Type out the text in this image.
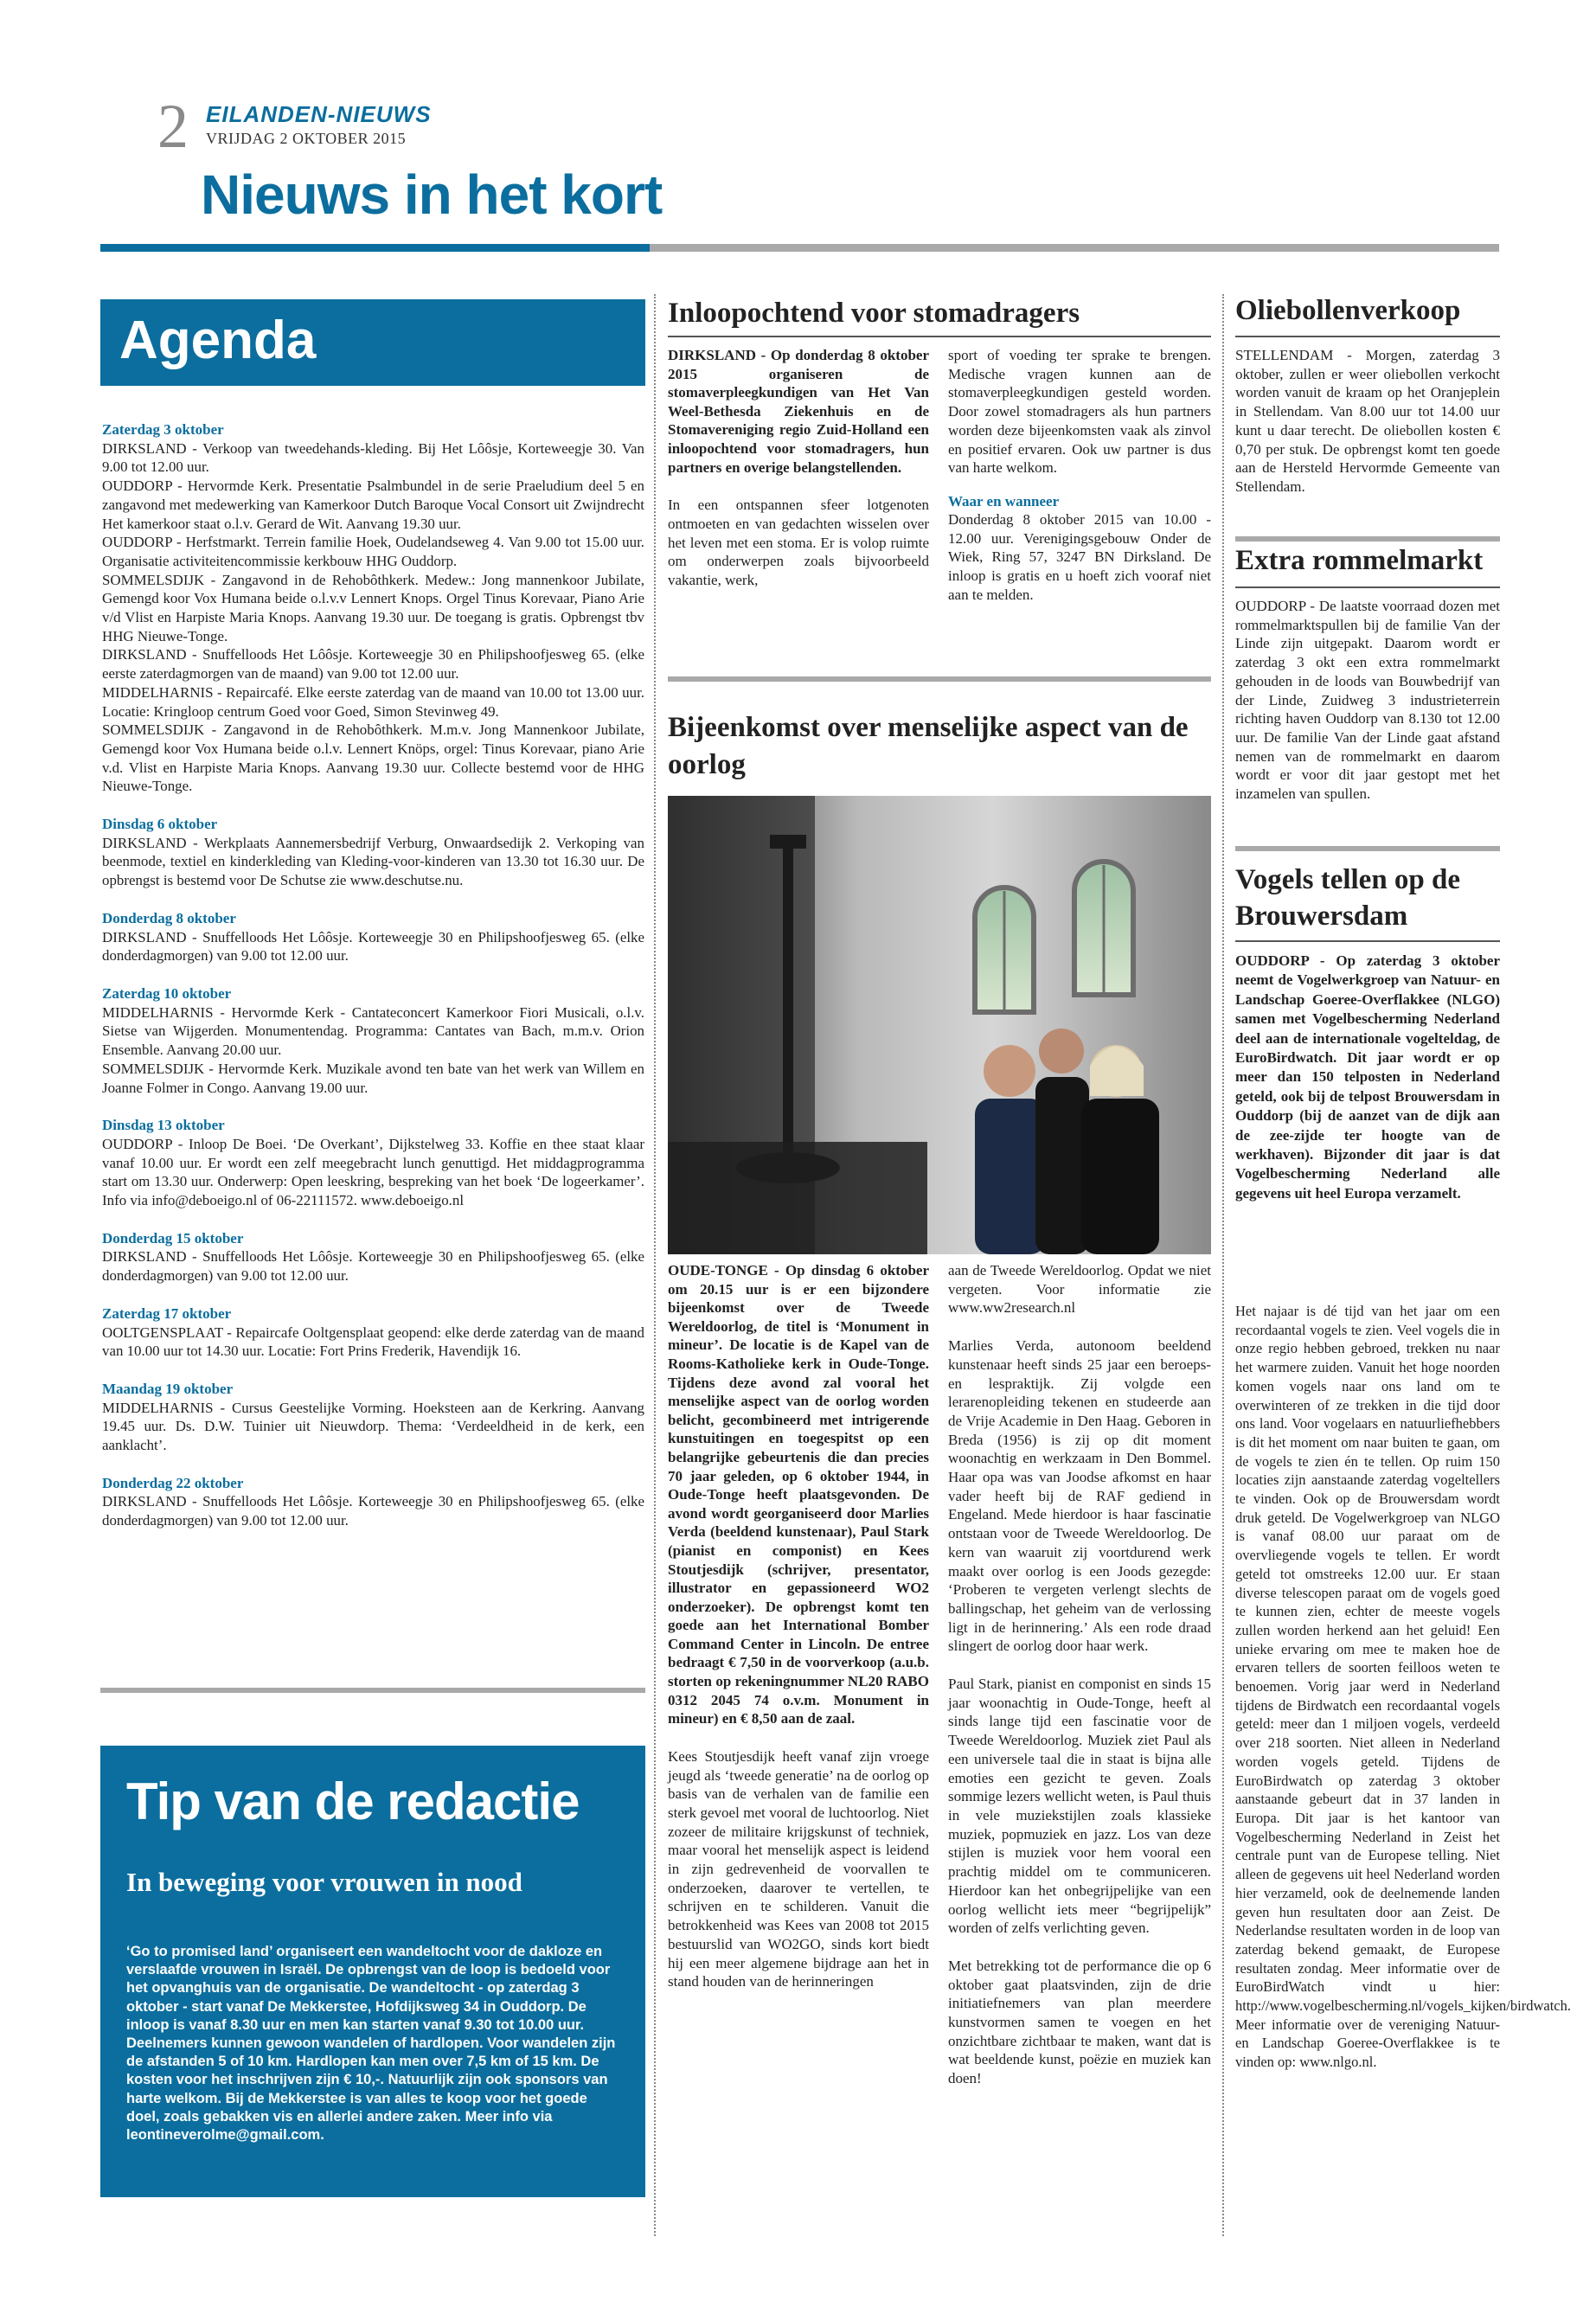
2 EILANDEN-NIEUWS
VRIJDAG 2 OKTOBER 2015
Nieuws in het kort
Agenda
Zaterdag 3 oktober

DIRKSLAND - Verkoop van tweedehands-kleding. Bij Het Lôôsje, Korteweegje 30. Van 9.00 tot 12.00 uur.

OUDDORP - Hervormde Kerk. Presentatie Psalmbundel in de serie Praeludium deel 5 en zangavond met medewerking van Kamerkoor Dutch Baroque Vocal Consort uit Zwijndrecht Het kamerkoor staat o.l.v. Gerard de Wit. Aanvang 19.30 uur.

OUDDORP - Herfstmarkt. Terrein familie Hoek, Oudelandseweg 4. Van 9.00 tot 15.00 uur. Organisatie activiteitencommissie kerkbouw HHG Ouddorp.

SOMMELSDIJK - Zangavond in de Rehobôthkerk. Medew.: Jong mannenkoor Jubilate, Gemengd koor Vox Humana beide o.l.v.v Lennert Knops. Orgel Tinus Korevaar, Piano Arie v/d Vlist en Harpiste Maria Knops. Aanvang 19.30 uur. De toegang is gratis. Opbrengst tbv HHG Nieuwe-Tonge.

DIRKSLAND - Snuffelloods Het Lôôsje. Korteweegje 30 en Philipshoofjesweg 65. (elke eerste zaterdagmorgen van de maand) van 9.00 tot 12.00 uur.

MIDDELHARNIS - Repaircafé. Elke eerste zaterdag van de maand van 10.00 tot 13.00 uur. Locatie: Kringloop centrum Goed voor Goed, Simon Stevinweg 49.

SOMMELSDIJK - Zangavond in de Rehobôthkerk. M.m.v. Jong Mannenkoor Jubilate, Gemengd koor Vox Humana beide o.l.v. Lennert Knöps, orgel: Tinus Korevaar, piano Arie v.d. Vlist en Harpiste Maria Knops. Aanvang 19.30 uur. Collecte bestemd voor de HHG Nieuwe-Tonge.

Dinsdag 6 oktober

DIRKSLAND - Werkplaats Aannemersbedrijf Verburg, Onwaardsedijk 2. Verkoping van beenmode, textiel en kinderkleding van Kleding-voor-kinderen van 13.30 tot 16.30 uur. De opbrengst is bestemd voor De Schutse zie www.deschutse.nu.

Donderdag 8 oktober

DIRKSLAND - Snuffelloods Het Lôôsje. Korteweegje 30 en Philipshoofjesweg 65. (elke donderdagmorgen) van 9.00 tot 12.00 uur.

Zaterdag 10 oktober

MIDDELHARNIS - Hervormde Kerk - Cantateconcert Kamerkoor Fiori Musicali, o.l.v. Sietse van Wijgerden. Monumentendag. Programma: Cantates van Bach, m.m.v. Orion Ensemble. Aanvang 20.00 uur.

SOMMELSDIJK - Hervormde Kerk. Muzikale avond ten bate van het werk van Willem en Joanne Folmer in Congo. Aanvang 19.00 uur.

Dinsdag 13 oktober

OUDDORP - Inloop De Boei. ‘De Overkant’, Dijkstelweg 33. Koffie en thee staat klaar vanaf 10.00 uur. Er wordt een zelf meegebracht lunch genuttigd. Het middagprogramma start om 13.30 uur. Onderwerp: Open leeskring, bespreking van het boek ‘De logeerkamer’. Info via info@deboeigo.nl of 06-22111572. www.deboeigo.nl

Donderdag 15 oktober

DIRKSLAND - Snuffelloods Het Lôôsje. Korteweegje 30 en Philipshoofjesweg 65. (elke donderdagmorgen) van 9.00 tot 12.00 uur.

Zaterdag 17 oktober

OOLTGENSPLAAT - Repaircafe Ooltgensplaat geopend: elke derde zaterdag van de maand van 10.00 uur tot 14.30 uur. Locatie: Fort Prins Frederik, Havendijk 16.

Maandag 19 oktober

MIDDELHARNIS - Cursus Geestelijke Vorming. Hoeksteen aan de Kerkring. Aanvang 19.45 uur. Ds. D.W. Tuinier uit Nieuwdorp. Thema: ‘Verdeeldheid in de kerk, een aanklacht’.

Donderdag 22 oktober

DIRKSLAND - Snuffelloods Het Lôôsje. Korteweegje 30 en Philipshoofjesweg 65. (elke donderdagmorgen) van 9.00 tot 12.00 uur.

Tip van de redactie
In beweging voor vrouwen in nood

‘Go to promised land’ organiseert een wandeltocht voor de dakloze en verslaafde vrouwen in Israël. De opbrengst van de loop is bedoeld voor het opvanghuis van de organisatie. De wandeltocht - op zaterdag 3 oktober - start vanaf De Mekkerstee, Hofdijksweg 34 in Ouddorp. De inloop is vanaf 8.30 uur en men kan starten vanaf 9.30 tot 10.00 uur. Deelnemers kunnen gewoon wandelen of hardlopen. Voor wandelen zijn de afstanden 5 of 10 km. Hardlopen kan men over 7,5 km of 15 km. De kosten voor het inschrijven zijn € 10,-. Natuurlijk zijn ook sponsors van harte welkom. Bij de Mekkerstee is van alles te koop voor het goede doel, zoals gebakken vis en allerlei andere zaken. Meer info via leontineverolme@gmail.com.

Inloopochtend voor stomadragers

DIRKSLAND - Op donderdag 8 oktober 2015 organiseren de stomaverpleegkundigen van Het Van Weel-Bethesda Ziekenhuis en de Stomavereniging regio Zuid-Holland een inloopochtend voor stomadragers, hun partners en overige belangstellenden.

In een ontspannen sfeer lotgenoten ontmoeten en van gedachten wisselen over het leven met een stoma. Er is volop ruimte om onderwerpen zoals bijvoorbeeld vakantie, werk,

sport of voeding ter sprake te brengen. Medische vragen kunnen aan de stomaverpleegkundigen gesteld worden. Door zowel stomadragers als hun partners worden deze bijeenkomsten vaak als zinvol en positief ervaren. Ook uw partner is dus van harte welkom.

Waar en wanneer

Donderdag 8 oktober 2015 van 10.00 - 12.00 uur. Verenigingsgebouw Onder de Wiek, Ring 57, 3247 BN Dirksland. De inloop is gratis en u hoeft zich vooraf niet aan te melden.

Bijeenkomst over menselijke aspect van de oorlog

OUDE-TONGE - Op dinsdag 6 oktober om 20.15 uur is er een bijzondere bijeenkomst over de Tweede Wereldoorlog, de titel is ‘Monument in mineur’. De locatie is de Kapel van de Rooms-Katholieke kerk in Oude-Tonge. Tijdens deze avond zal vooral het menselijke aspect van de oorlog worden belicht, gecombineerd met intrigerende kunstuitingen en toegespitst op een belangrijke gebeurtenis die dan precies 70 jaar geleden, op 6 oktober 1944, in Oude-Tonge heeft plaatsgevonden. De avond wordt georganiseerd door Marlies Verda (beeldend kunstenaar), Paul Stark (pianist en componist) en Kees Stoutjesdijk (schrijver, presentator, illustrator en gepassioneerd WO2 onderzoeker). De opbrengst komt ten goede aan het International Bomber Command Center in Lincoln. De entree bedraagt € 7,50 in de voorverkoop (a.u.b. storten op rekeningnummer NL20 RABO 0312 2045 74 o.v.m. Monument in mineur) en € 8,50 aan de zaal.

Kees Stoutjesdijk heeft vanaf zijn vroege jeugd als ‘tweede generatie’ na de oorlog op basis van de verhalen van de familie een sterk gevoel met vooral de luchtoorlog. Niet zozeer de militaire krijgskunst of techniek, maar vooral het menselijk aspect is leidend in zijn gedrevenheid de voorvallen te onderzoeken, daarover te vertellen, te schrijven en te schilderen. Vanuit die betrokkenheid was Kees van 2008 tot 2015 bestuurslid van WO2GO, sinds kort biedt hij een meer algemene bijdrage aan het in stand houden van de herinneringen

aan de Tweede Wereldoorlog. Opdat we niet vergeten. Voor informatie zie www.ww2research.nl

Marlies Verda, autonoom beeldend kunstenaar heeft sinds 25 jaar een beroeps- en lespraktijk. Zij volgde een lerarenopleiding tekenen en studeerde aan de Vrije Academie in Den Haag. Geboren in Breda (1956) is zij op dit moment woonachtig en werkzaam in Den Bommel. Haar opa was van Joodse afkomst en haar vader heeft bij de RAF gediend in Engeland. Mede hierdoor is haar fascinatie ontstaan voor de Tweede Wereldoorlog. De kern van waaruit zij voortdurend werk maakt over oorlog is een Joods gezegde: ‘Proberen te vergeten verlengt slechts de ballingschap, het geheim van de verlossing ligt in de herinnering.’ Als een rode draad slingert de oorlog door haar werk.

Paul Stark, pianist en componist en sinds 15 jaar woonachtig in Oude-Tonge, heeft al sinds lange tijd een fascinatie voor de Tweede Wereldoorlog. Muziek ziet Paul als een universele taal die in staat is bijna alle emoties een gezicht te geven. Zoals sommige lezers wellicht weten, is Paul thuis in vele muziekstijlen zoals klassieke muziek, popmuziek en jazz. Los van deze stijlen is muziek voor hem vooral een prachtig middel om te communiceren. Hierdoor kan het onbegrijpelijke van een oorlog wellicht iets meer “begrijpelijk” worden of zelfs verlichting geven.

Met betrekking tot de performance die op 6 oktober gaat plaatsvinden, zijn de drie initiatiefnemers van plan meerdere kunstvormen samen te voegen en het onzichtbare zichtbaar te maken, want dat is wat beeldende kunst, poëzie en muziek kan doen!

Oliebollenverkoop

STELLENDAM - Morgen, zaterdag 3 oktober, zullen er weer oliebollen verkocht worden vanuit de kraam op het Oranjeplein in Stellendam. Van 8.00 uur tot 14.00 uur kunt u daar terecht. De oliebollen kosten € 0,70 per stuk. De opbrengst komt ten goede aan de Hersteld Hervormde Gemeente van Stellendam.

Extra rommelmarkt

OUDDORP - De laatste voorraad dozen met rommelmarktspullen bij de familie Van der Linde zijn uitgepakt. Daarom wordt er zaterdag 3 okt een extra rommelmarkt gehouden in de loods van Bouwbedrijf van der Linde, Zuidweg 3 industrieterrein richting haven Ouddorp van 8.130 tot 12.00 uur. De familie Van der Linde gaat afstand nemen van de rommelmarkt en daarom wordt er voor dit jaar gestopt met het inzamelen van spullen.

Vogels tellen op de Brouwersdam

OUDDORP - Op zaterdag 3 oktober neemt de Vogelwerkgroep van Natuur- en Landschap Goeree-Overflakkee (NLGO) samen met Vogelbescherming Nederland deel aan de internationale vogelteldag, de EuroBirdwatch. Dit jaar wordt er op meer dan 150 telposten in Nederland geteld, ook bij de telpost Brouwersdam in Ouddorp (bij de aanzet van de dijk aan de zee-zijde ter hoogte van de werkhaven). Bijzonder dit jaar is dat Vogelbescherming Nederland alle gegevens uit heel Europa verzamelt.

Het najaar is dé tijd van het jaar om een recordaantal vogels te zien. Veel vogels die in onze regio hebben gebroed, trekken nu naar het warmere zuiden. Vanuit het hoge noorden komen vogels naar ons land om te overwinteren of ze trekken in die tijd door ons land. Voor vogelaars en natuurliefhebbers is dit het moment om naar buiten te gaan, om de vogels te zien én te tellen. Op ruim 150 locaties zijn aanstaande zaterdag vogeltellers te vinden. Ook op de Brouwersdam wordt druk geteld. De Vogelwerkgroep van NLGO is vanaf 08.00 uur paraat om de overvliegende vogels te tellen. Er wordt geteld tot omstreeks 12.00 uur. Er staan diverse telescopen paraat om de vogels goed te kunnen zien, echter de meeste vogels zullen worden herkend aan het geluid! Een unieke ervaring om mee te maken hoe de ervaren tellers de soorten feilloos weten te benoemen. Vorig jaar werd in Nederland tijdens de Birdwatch een recordaantal vogels geteld: meer dan 1 miljoen vogels, verdeeld over 218 soorten. Niet alleen in Nederland worden vogels geteld. Tijdens de EuroBirdwatch op zaterdag 3 oktober aanstaande gebeurt dat in 37 landen in Europa. Dit jaar is het kantoor van Vogelbescherming Nederland in Zeist het centrale punt van de Europese telling. Niet alleen de gegevens uit heel Nederland worden hier verzameld, ook de deelnemende landen geven hun resultaten door aan Zeist. De Nederlandse resultaten worden in de loop van zaterdag bekend gemaakt, de Europese resultaten zondag. Meer informatie over de EuroBirdWatch vindt u hier: http://www.vogelbescherming.nl/vogels_kijken/birdwatch. Meer informatie over de vereniging Natuur- en Landschap Goeree-Overflakkee is te vinden op: www.nlgo.nl.
